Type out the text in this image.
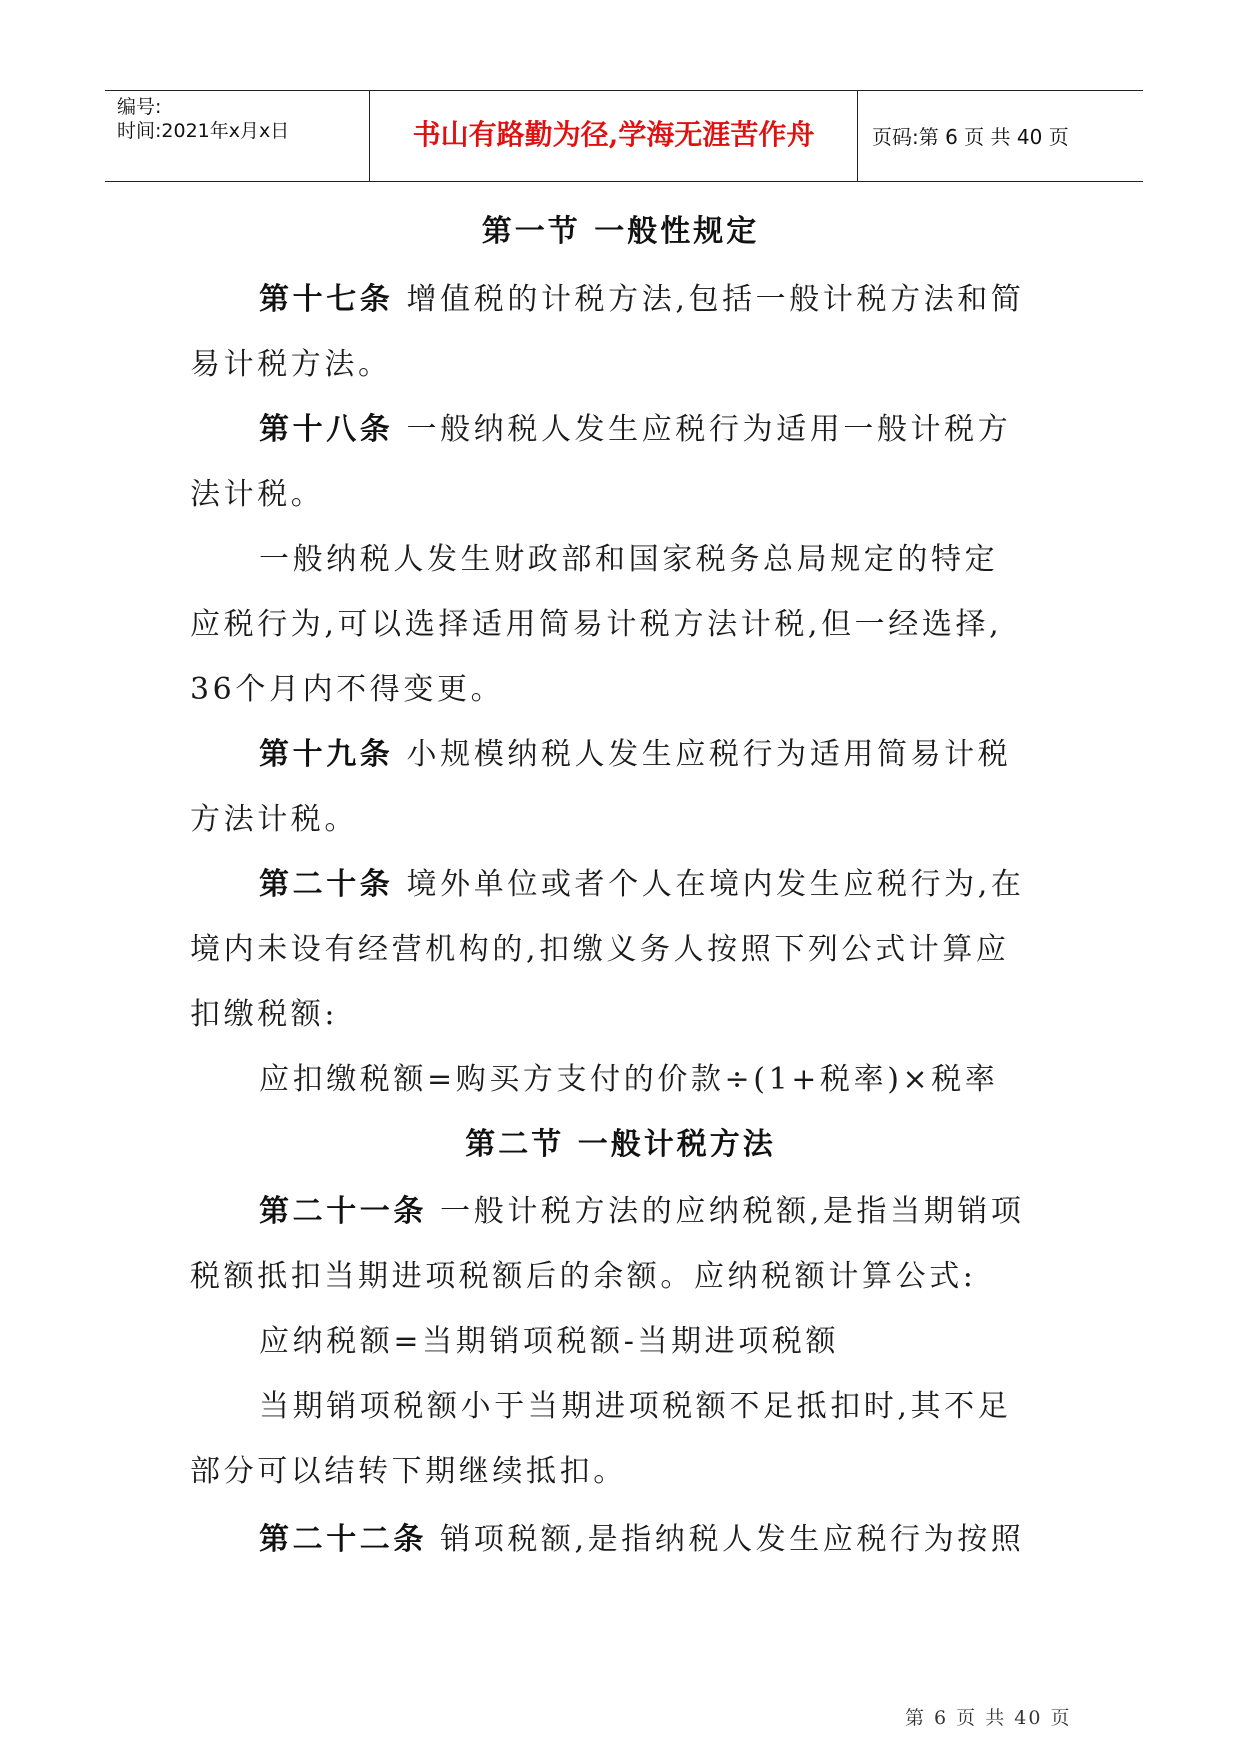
编号:
时间:2021年x月x日	书山有路勤为径,学海无涯苦作舟	页码:第 6 页 共 40 页
第一节 一般性规定
第十七条 增值税的计税方法,包括一般计税方法和简
易计税方法。
第十八条 一般纳税人发生应税行为适用一般计税方
法计税。
一般纳税人发生财政部和国家税务总局规定的特定
应税行为,可以选择适用简易计税方法计税,但一经选择,
36个月内不得变更。
第十九条 小规模纳税人发生应税行为适用简易计税
方法计税。
第二十条 境外单位或者个人在境内发生应税行为,在
境内未设有经营机构的,扣缴义务人按照下列公式计算应
扣缴税额:
应扣缴税额=购买方支付的价款÷(1+税率)×税率
第二节 一般计税方法
第二十一条 一般计税方法的应纳税额,是指当期销项
税额抵扣当期进项税额后的余额。应纳税额计算公式:
应纳税额=当期销项税额-当期进项税额
当期销项税额小于当期进项税额不足抵扣时,其不足
部分可以结转下期继续抵扣。
第二十二条 销项税额,是指纳税人发生应税行为按照
第 6 页 共 40 页
